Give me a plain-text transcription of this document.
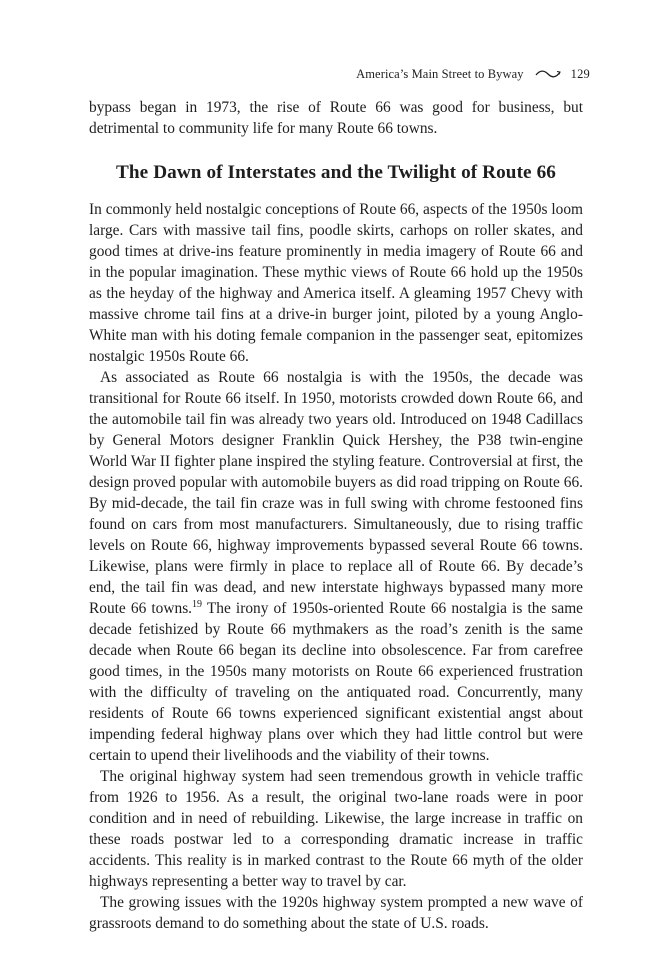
America’s Main Street to Byway	129

bypass began in 1973, the rise of Route 66 was good for business, but detrimental to community life for many Route 66 towns.

The Dawn of Interstates and the Twilight of Route 66

In commonly held nostalgic conceptions of Route 66, aspects of the 1950s loom large. Cars with massive tail fins, poodle skirts, carhops on roller skates, and good times at drive-ins feature prominently in media imagery of Route 66 and in the popular imagination. These mythic views of Route 66 hold up the 1950s as the heyday of the highway and America itself. A gleaming 1957 Chevy with massive chrome tail fins at a drive-in burger joint, piloted by a young Anglo-White man with his doting female companion in the passenger seat, epitomizes nostalgic 1950s Route 66.

As associated as Route 66 nostalgia is with the 1950s, the decade was transitional for Route 66 itself. In 1950, motorists crowded down Route 66, and the automobile tail fin was already two years old. Introduced on 1948 Cadillacs by General Motors designer Franklin Quick Hershey, the P38 twin-engine World War II fighter plane inspired the styling feature. Controversial at first, the design proved popular with automobile buyers as did road tripping on Route 66. By mid-decade, the tail fin craze was in full swing with chrome festooned fins found on cars from most manufacturers. Simultaneously, due to rising traffic levels on Route 66, highway improvements bypassed several Route 66 towns. Likewise, plans were firmly in place to replace all of Route 66. By decade’s end, the tail fin was dead, and new interstate highways bypassed many more Route 66 towns.$^{19}$ The irony of 1950s-oriented Route 66 nostalgia is the same decade fetishized by Route 66 mythmakers as the road’s zenith is the same decade when Route 66 began its decline into obsolescence. Far from carefree good times, in the 1950s many motorists on Route 66 experienced frustration with the difficulty of traveling on the antiquated road. Concurrently, many residents of Route 66 towns experienced significant existential angst about impending federal highway plans over which they had little control but were certain to upend their livelihoods and the viability of their towns.

The original highway system had seen tremendous growth in vehicle traffic from 1926 to 1956. As a result, the original two-lane roads were in poor condition and in need of rebuilding. Likewise, the large increase in traffic on these roads postwar led to a corresponding dramatic increase in traffic accidents. This reality is in marked contrast to the Route 66 myth of the older highways representing a better way to travel by car.

The growing issues with the 1920s highway system prompted a new wave of grassroots demand to do something about the state of U.S. roads.
